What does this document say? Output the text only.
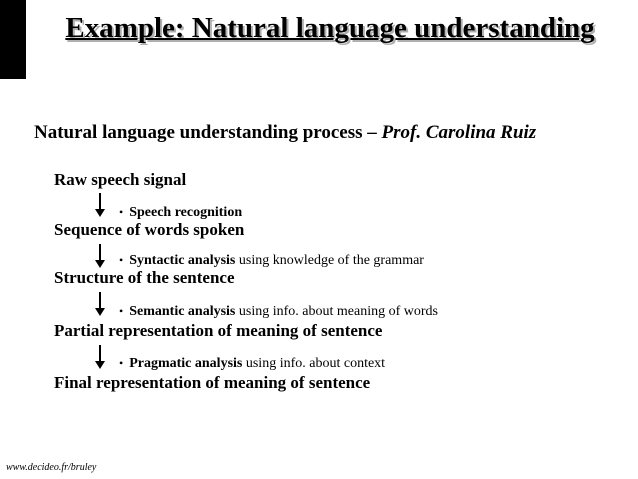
Example: Natural language understanding
Natural language understanding process – Prof. Carolina Ruiz
Raw speech signal
• Speech recognition
Sequence of words spoken
• Syntactic analysis using knowledge of the grammar
Structure of the sentence
• Semantic analysis using info. about meaning of words
Partial representation of meaning of sentence
• Pragmatic analysis using info. about context
Final representation of meaning of sentence
www.decideo.fr/bruley
